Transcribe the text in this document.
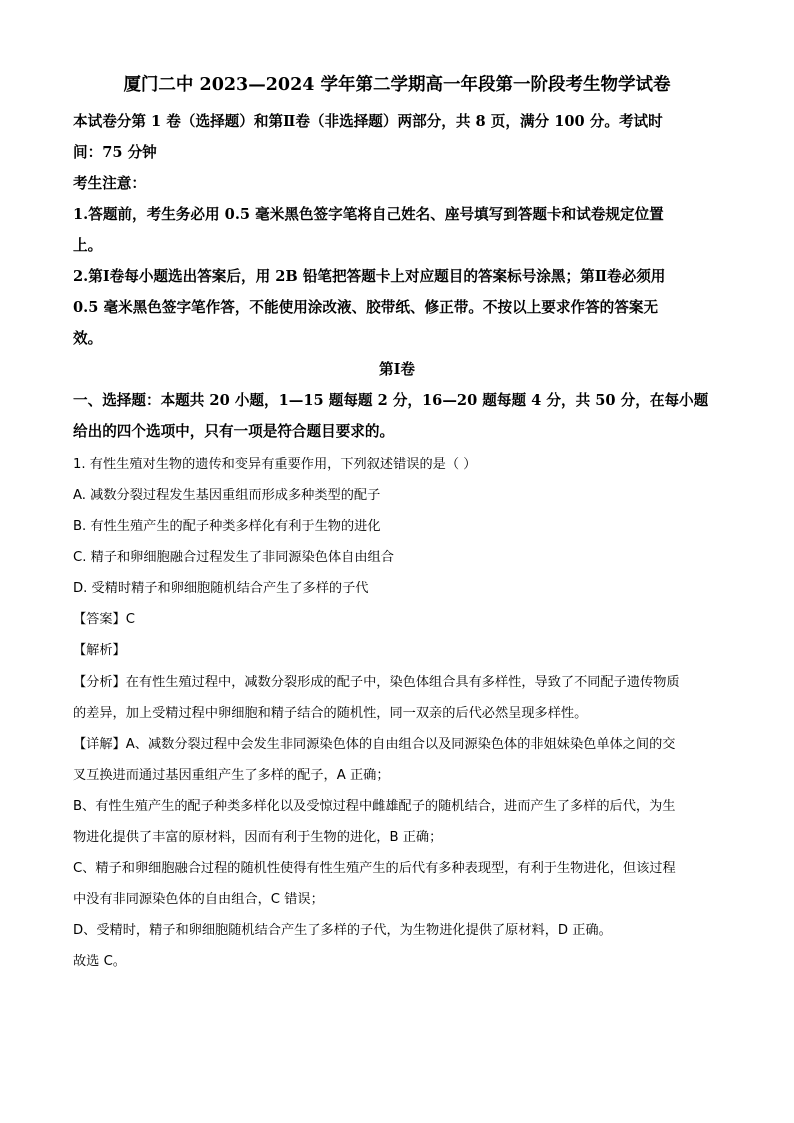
厦门二中 2023—2024 学年第二学期高一年段第一阶段考生物学试卷
本试卷分第 1 卷（选择题）和第Ⅱ卷（非选择题）两部分，共 8 页，满分 100 分。考试时
间：75 分钟
考生注意：
1.答题前，考生务必用 0.5 毫米黑色签字笔将自己姓名、座号填写到答题卡和试卷规定位置
上。
2.第Ⅰ卷每小题选出答案后，用 2B 铅笔把答题卡上对应题目的答案标号涂黑；第Ⅱ卷必须用
0.5 毫米黑色签字笔作答，不能使用涂改液、胶带纸、修正带。不按以上要求作答的答案无
效。
第Ⅰ卷
一、选择题：本题共 20 小题，1—15 题每题 2 分，16—20 题每题 4 分，共 50 分，在每小题
给出的四个选项中，只有一项是符合题目要求的。
1. 有性生殖对生物的遗传和变异有重要作用，下列叙述错误的是（ ）
A. 减数分裂过程发生基因重组而形成多种类型的配子
B. 有性生殖产生的配子种类多样化有利于生物的进化
C. 精子和卵细胞融合过程发生了非同源染色体自由组合
D. 受精时精子和卵细胞随机结合产生了多样的子代
【答案】C
【解析】
【分析】在有性生殖过程中，减数分裂形成的配子中，染色体组合具有多样性，导致了不同配子遗传物质
的差异，加上受精过程中卵细胞和精子结合的随机性，同一双亲的后代必然呈现多样性。
【详解】A、减数分裂过程中会发生非同源染色体的自由组合以及同源染色体的非姐妹染色单体之间的交
叉互换进而通过基因重组产生了多样的配子，A 正确；
B、有性生殖产生的配子种类多样化以及受惊过程中雌雄配子的随机结合，进而产生了多样的后代，为生
物进化提供了丰富的原材料，因而有利于生物的进化，B 正确；
C、精子和卵细胞融合过程的随机性使得有性生殖产生的后代有多种表现型，有利于生物进化，但该过程
中没有非同源染色体的自由组合，C 错误；
D、受精时，精子和卵细胞随机结合产生了多样的子代，为生物进化提供了原材料，D 正确。
故选 C。
